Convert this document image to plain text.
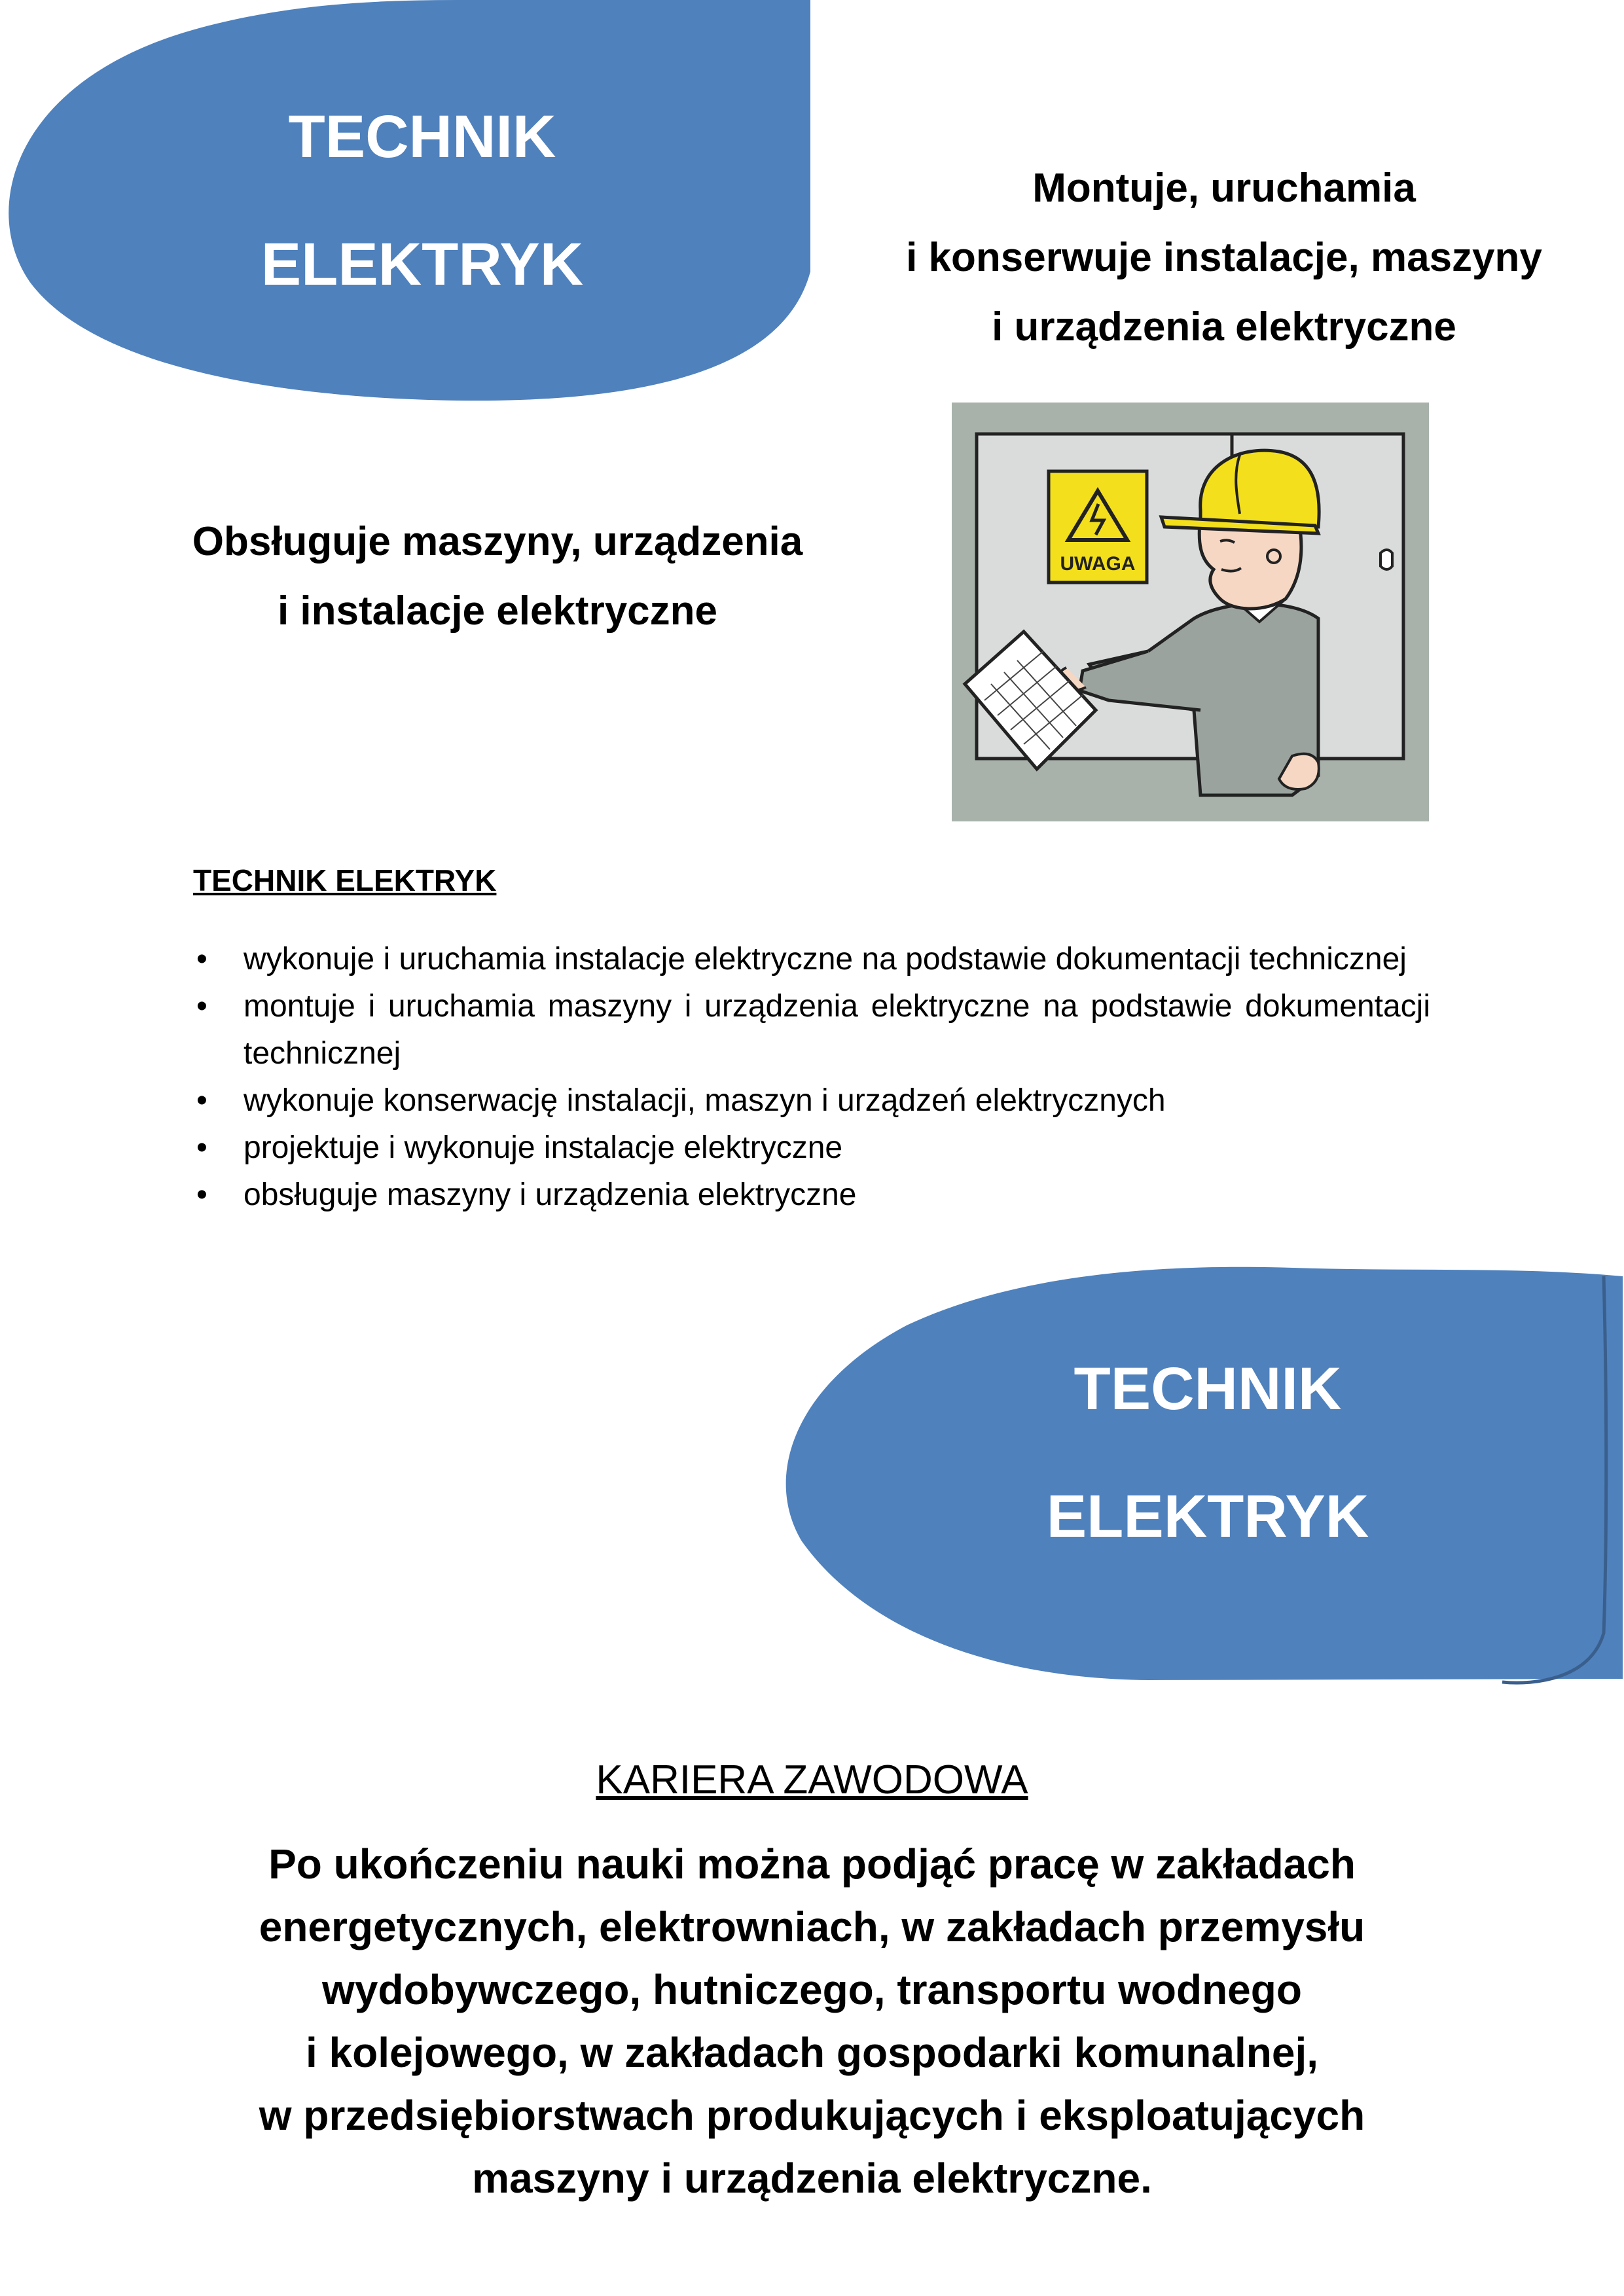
TECHNIK
ELEKTRYK
Montuje, uruchamia
i konserwuje instalacje, maszyny
i urządzenia elektryczne
Obsługuje maszyny, urządzenia
i instalacje elektryczne
UWAGA
TECHNIK ELEKTRYK
• wykonuje i uruchamia instalacje elektryczne na podstawie dokumentacji technicznej
• montuje i uruchamia maszyny i urządzenia elektryczne na podstawie dokumentacji technicznej
• wykonuje konserwację instalacji, maszyn i urządzeń elektrycznych
• projektuje i wykonuje instalacje elektryczne
• obsługuje maszyny i urządzenia elektryczne
TECHNIK
ELEKTRYK
KARIERA ZAWODOWA
Po ukończeniu nauki można podjąć pracę w zakładach
energetycznych, elektrowniach, w zakładach przemysłu
wydobywczego, hutniczego, transportu wodnego
i kolejowego, w zakładach gospodarki komunalnej,
w przedsiębiorstwach produkujących i eksploatujących
maszyny i urządzenia elektryczne.
